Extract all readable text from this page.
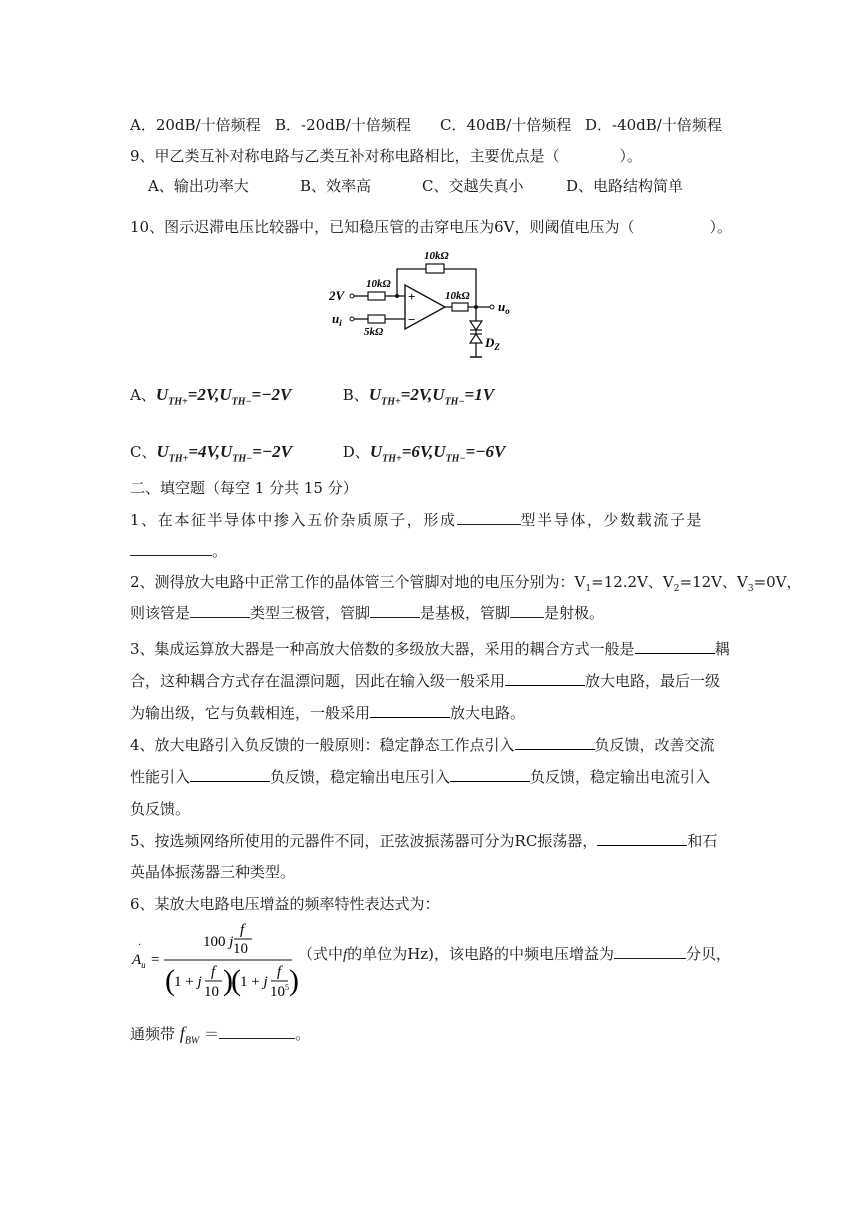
A．20dB/十倍频程 B．-20dB/十倍频程 C．40dB/十倍频程 D．-40dB/十倍频程
9、甲乙类互补对称电路与乙类互补对称电路相比，主要优点是（　　　　）。
A、输出功率大	B、效率高	C、交越失真小	D、电路结构简单
10、图示迟滞电压比较器中，已知稳压管的击穿电压为6V，则阈值电压为（　　　　　）。
10kΩ
2V
10kΩ
$u_i$
5kΩ
+
−
10kΩ
$u_o$
$D_Z$
A、$U_{TH+}=2V,U_{TH-}=-2V$	B、$U_{TH+}=2V,U_{TH-}=1V$
C、$U_{TH+}=4V,U_{TH-}=-2V$	D、$U_{TH+}=6V,U_{TH-}=-6V$
二、填空题（每空 1 分共 15 分）
1、在本征半导体中掺入五价杂质原子，形成	型半导体，少数载流子是
。
2、测得放大电路中正常工作的晶体管三个管脚对地的电压分别为：$V_1=12.2V$、$V_2=12V$、$V_3=0V$，
则该管是	类型三极管，管脚	是基极，管脚 是射极。
3、集成运算放大器是一种高放大倍数的多级放大器，采用的耦合方式一般是	耦
合，这种耦合方式存在温漂问题，因此在输入级一般采用	放大电路，最后一级
为输出级，它与负载相连，一般采用	放大电路。
4、放大电路引入负反馈的一般原则：稳定静态工作点引入	负反馈，改善交流
性能引入	负反馈，稳定输出电压引入	负反馈，稳定输出电流引入
负反馈。
5、按选频网络所使用的元器件不同，正弦波振荡器可分为RC振荡器，	和石
英晶体振荡器三种类型。
6、某放大电路电压增益的频率特性表达式为：
$A_u$
·
=
100 j
f
10
( 1 + j
f
10 )
( 1 + j
f
$10^5$ )
（式中f的单位为Hz)，该电路的中频电压增益为	分贝，
通频带 $f_{BW}$ ＝	。
